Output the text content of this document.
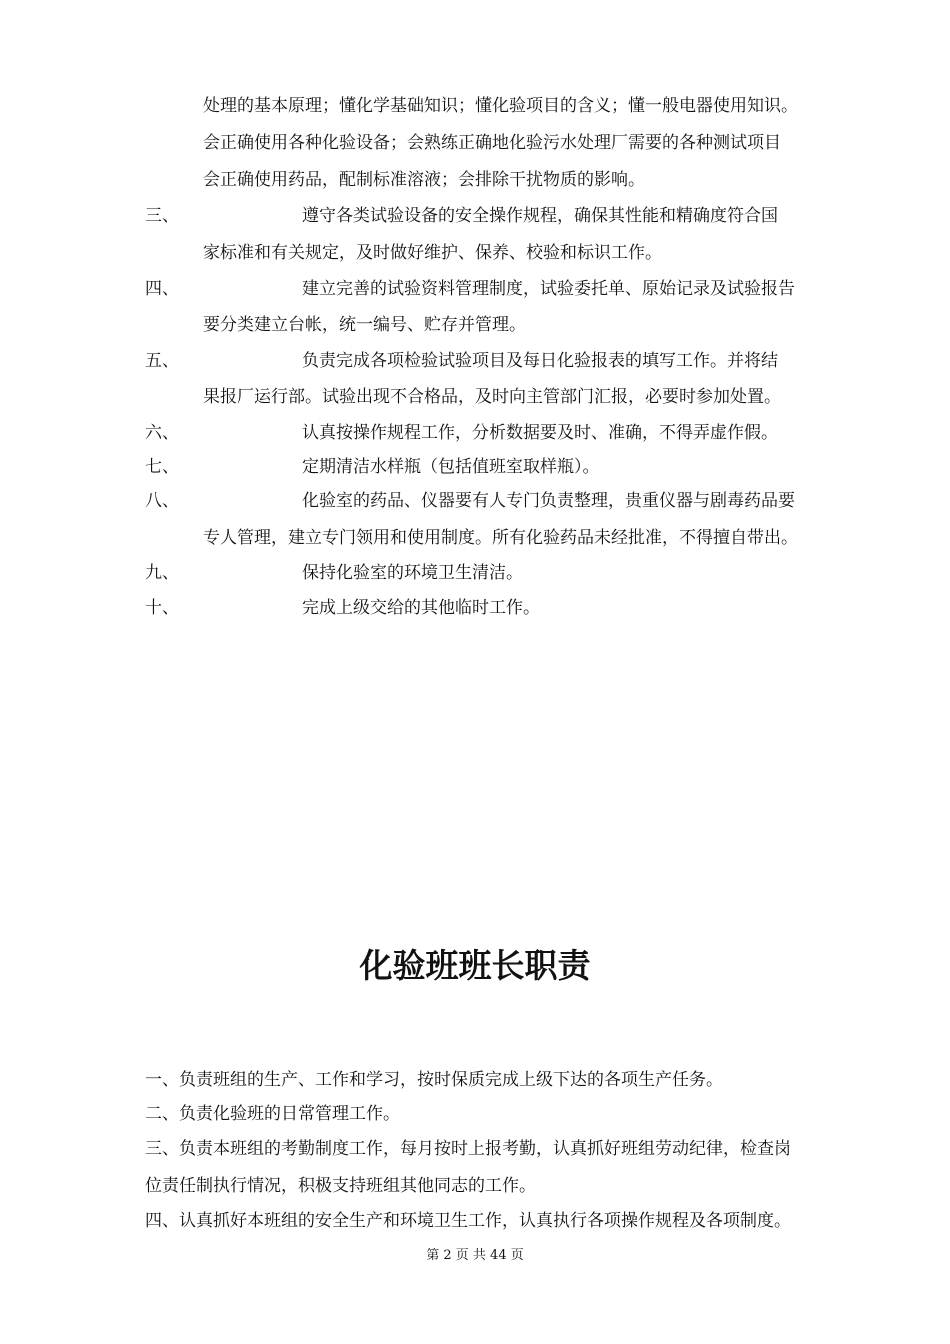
处理的基本原理；懂化学基础知识；懂化验项目的含义；懂一般电器使用知识。
会正确使用各种化验设备；会熟练正确地化验污水处理厂需要的各种测试项目
会正确使用药品，配制标准溶液；会排除干扰物质的影响。
三、	遵守各类试验设备的安全操作规程，确保其性能和精确度符合国
家标准和有关规定，及时做好维护、保养、校验和标识工作。
四、	建立完善的试验资料管理制度，试验委托单、原始记录及试验报告
要分类建立台帐，统一编号、贮存并管理。
五、	负责完成各项检验试验项目及每日化验报表的填写工作。并将结
果报厂运行部。试验出现不合格品，及时向主管部门汇报，必要时参加处置。
六、	认真按操作规程工作，分析数据要及时、准确，不得弄虚作假。
七、	定期清洁水样瓶（包括值班室取样瓶）。
八、	化验室的药品、仪器要有人专门负责整理，贵重仪器与剧毒药品要
专人管理，建立专门领用和使用制度。所有化验药品未经批准，不得擅自带出。
九、	保持化验室的环境卫生清洁。
十、	完成上级交给的其他临时工作。
化验班班长职责
一、负责班组的生产、工作和学习，按时保质完成上级下达的各项生产任务。
二、负责化验班的日常管理工作。
三、负责本班组的考勤制度工作，每月按时上报考勤，认真抓好班组劳动纪律，检查岗
位责任制执行情况，积极支持班组其他同志的工作。
四、认真抓好本班组的安全生产和环境卫生工作，认真执行各项操作规程及各项制度。
第 2 页 共 44 页
